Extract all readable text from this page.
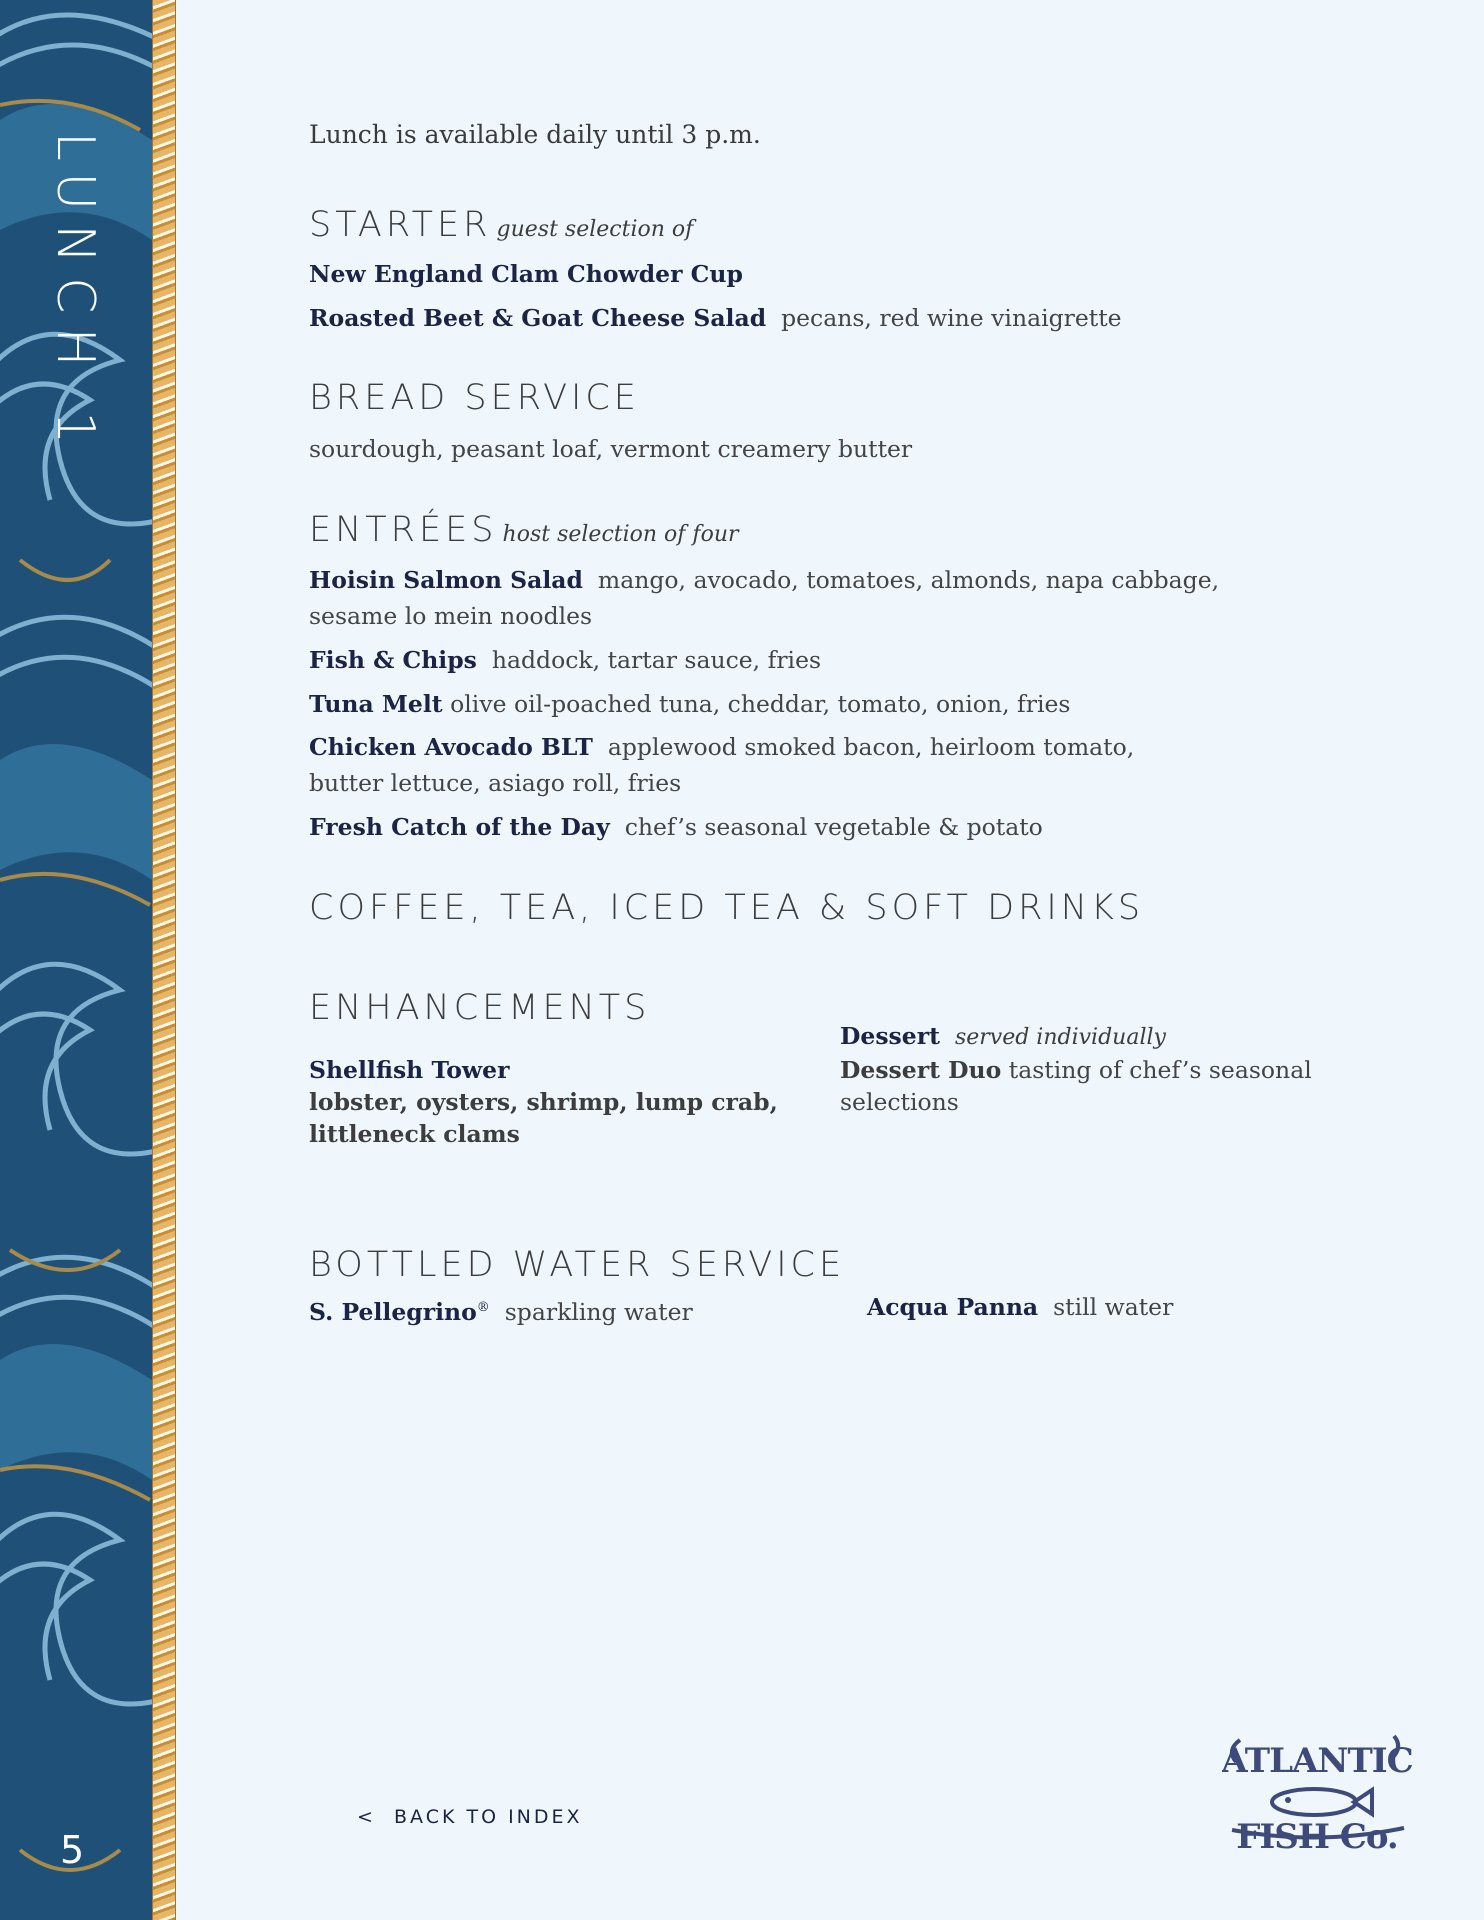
LUNCH 1
5
Lunch is available daily until 3 p.m.
STARTER guest selection of
New England Clam Chowder Cup
Roasted Beet & Goat Cheese Salad pecans, red wine vinaigrette
BREAD SERVICE
sourdough, peasant loaf, vermont creamery butter
ENTRÉES host selection of four
Hoisin Salmon Salad mango, avocado, tomatoes, almonds, napa cabbage,
sesame lo mein noodles
Fish & Chips haddock, tartar sauce, fries
Tuna Melt olive oil-poached tuna, cheddar, tomato, onion, fries
Chicken Avocado BLT applewood smoked bacon, heirloom tomato,
butter lettuce, asiago roll, fries
Fresh Catch of the Day chef’s seasonal vegetable & potato
COFFEE, TEA, ICED TEA & SOFT DRINKS
ENHANCEMENTS
Shellfish Tower
lobster, oysters, shrimp, lump crab,
littleneck clams
Dessert served individually
Dessert Duo tasting of chef’s seasonal
selections
BOTTLED WATER SERVICE
S. Pellegrino® sparkling water	Acqua Panna still water
< BACK TO INDEX
ATLANTIC
FISH Co.
